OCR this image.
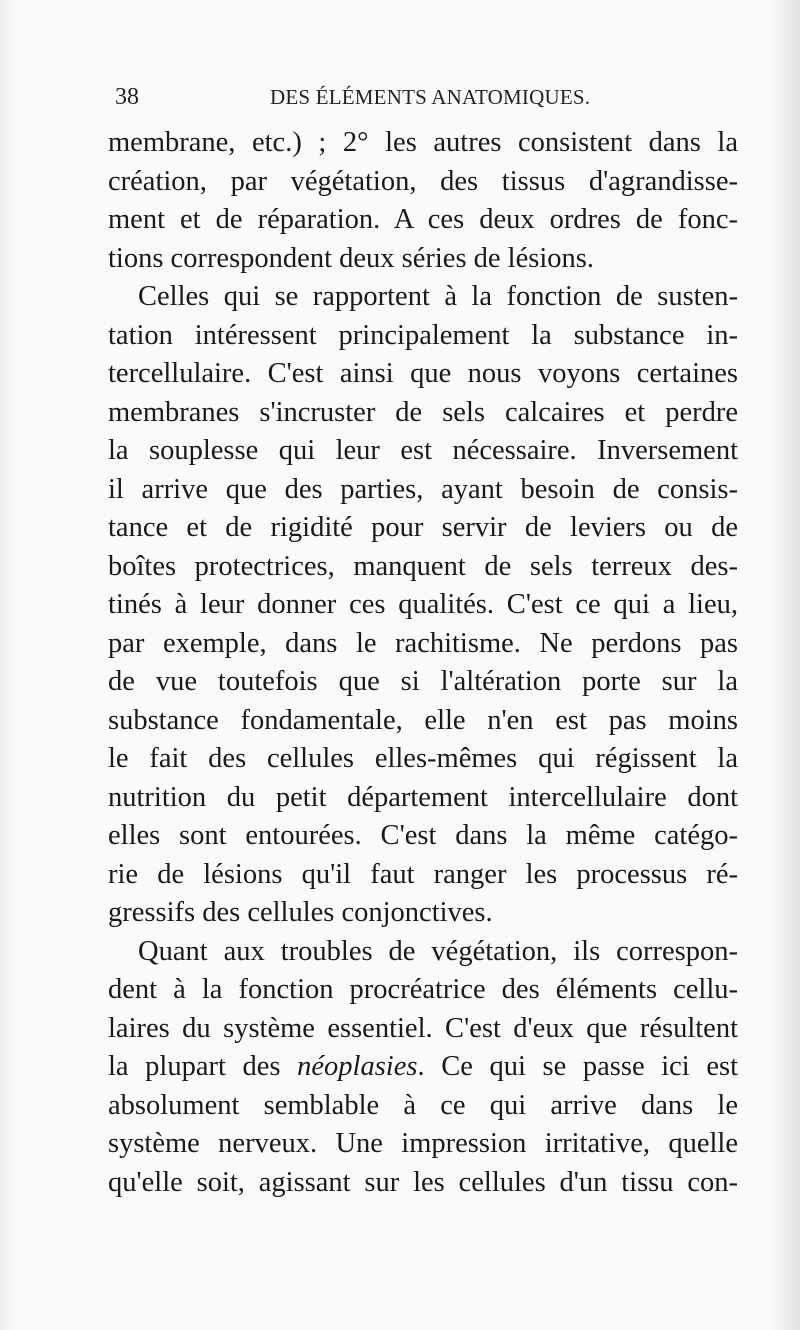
38	DES ÉLÉMENTS ANATOMIQUES.
membrane, etc.) ; 2° les autres consistent dans la
création, par végétation, des tissus d'agrandisse-
ment et de réparation. A ces deux ordres de fonc-
tions correspondent deux séries de lésions.
Celles qui se rapportent à la fonction de susten-
tation intéressent principalement la substance in-
tercellulaire. C'est ainsi que nous voyons certaines
membranes s'incruster de sels calcaires et perdre
la souplesse qui leur est nécessaire. Inversement
il arrive que des parties, ayant besoin de consis-
tance et de rigidité pour servir de leviers ou de
boîtes protectrices, manquent de sels terreux des-
tinés à leur donner ces qualités. C'est ce qui a lieu,
par exemple, dans le rachitisme. Ne perdons pas
de vue toutefois que si l'altération porte sur la
substance fondamentale, elle n'en est pas moins
le fait des cellules elles-mêmes qui régissent la
nutrition du petit département intercellulaire dont
elles sont entourées. C'est dans la même catégo-
rie de lésions qu'il faut ranger les processus ré-
gressifs des cellules conjonctives.
Quant aux troubles de végétation, ils correspon-
dent à la fonction procréatrice des éléments cellu-
laires du système essentiel. C'est d'eux que résultent
la plupart des néoplasies. Ce qui se passe ici est
absolument semblable à ce qui arrive dans le
système nerveux. Une impression irritative, quelle
qu'elle soit, agissant sur les cellules d'un tissu con-
